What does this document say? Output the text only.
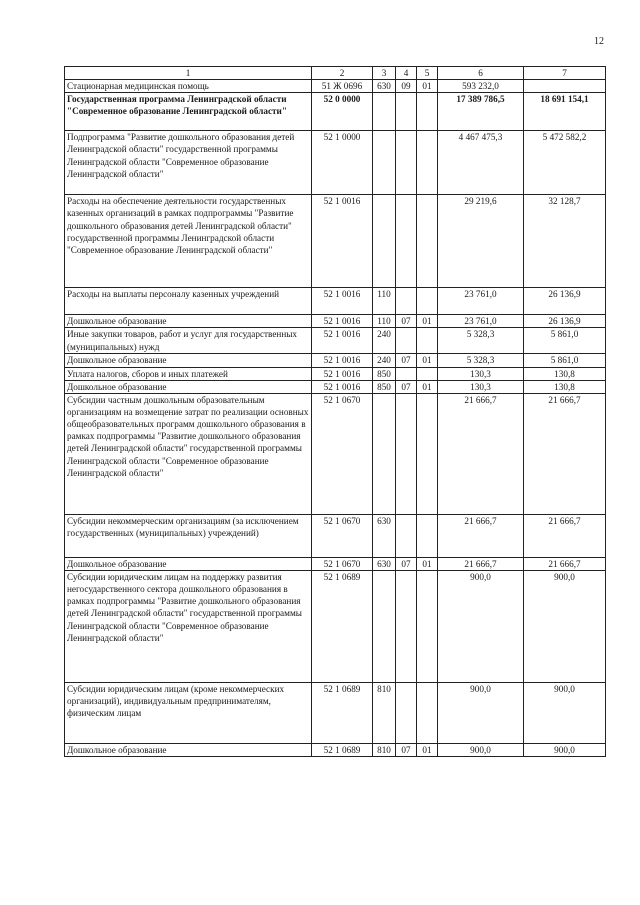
12
1	2	3	4	5	6	7
Стационарная медицинская помощь	51 Ж 0696	630	09	01	593 232,0	
Государственная программа Ленинградской области "Современное образование Ленинградской области"	52 0 0000				17 389 786,5	18 691 154,1
Подпрограмма "Развитие дошкольного образования детей Ленинградской области" государственной программы Ленинградской области "Современное образование Ленинградской области"	52 1 0000				4 467 475,3	5 472 582,2
Расходы на обеспечение деятельности государственных казенных организаций в рамках подпрограммы "Развитие дошкольного образования детей Ленинградской области" государственной программы Ленинградской области "Современное образование Ленинградской области"	52 1 0016				29 219,6	32 128,7
Расходы на выплаты персоналу казенных учреждений	52 1 0016	110			23 761,0	26 136,9
Дошкольное образование	52 1 0016	110	07	01	23 761,0	26 136,9
Иные закупки товаров, работ и услуг для государственных (муниципальных) нужд	52 1 0016	240			5 328,3	5 861,0
Дошкольное образование	52 1 0016	240	07	01	5 328,3	5 861,0
Уплата налогов, сборов и иных платежей	52 1 0016	850			130,3	130,8
Дошкольное образование	52 1 0016	850	07	01	130,3	130,8
Субсидии частным дошкольным образовательным организациям на возмещение затрат по реализации основных общеобразовательных программ дошкольного образования в рамках подпрограммы "Развитие дошкольного образования детей Ленинградской области" государственной программы Ленинградской области "Современное образование Ленинградской области"	52 1 0670				21 666,7	21 666,7
Субсидии некоммерческим организациям (за исключением государственных (муниципальных) учреждений)	52 1 0670	630			21 666,7	21 666,7
Дошкольное образование	52 1 0670	630	07	01	21 666,7	21 666,7
Субсидии юридическим лицам на поддержку развития негосударственного сектора дошкольного образования в рамках подпрограммы "Развитие дошкольного образования детей Ленинградской области" государственной программы Ленинградской области "Современное образование Ленинградской области"	52 1 0689				900,0	900,0
Субсидии юридическим лицам (кроме некоммерческих организаций), индивидуальным предпринимателям, физическим лицам	52 1 0689	810			900,0	900,0
Дошкольное образование	52 1 0689	810	07	01	900,0	900,0
